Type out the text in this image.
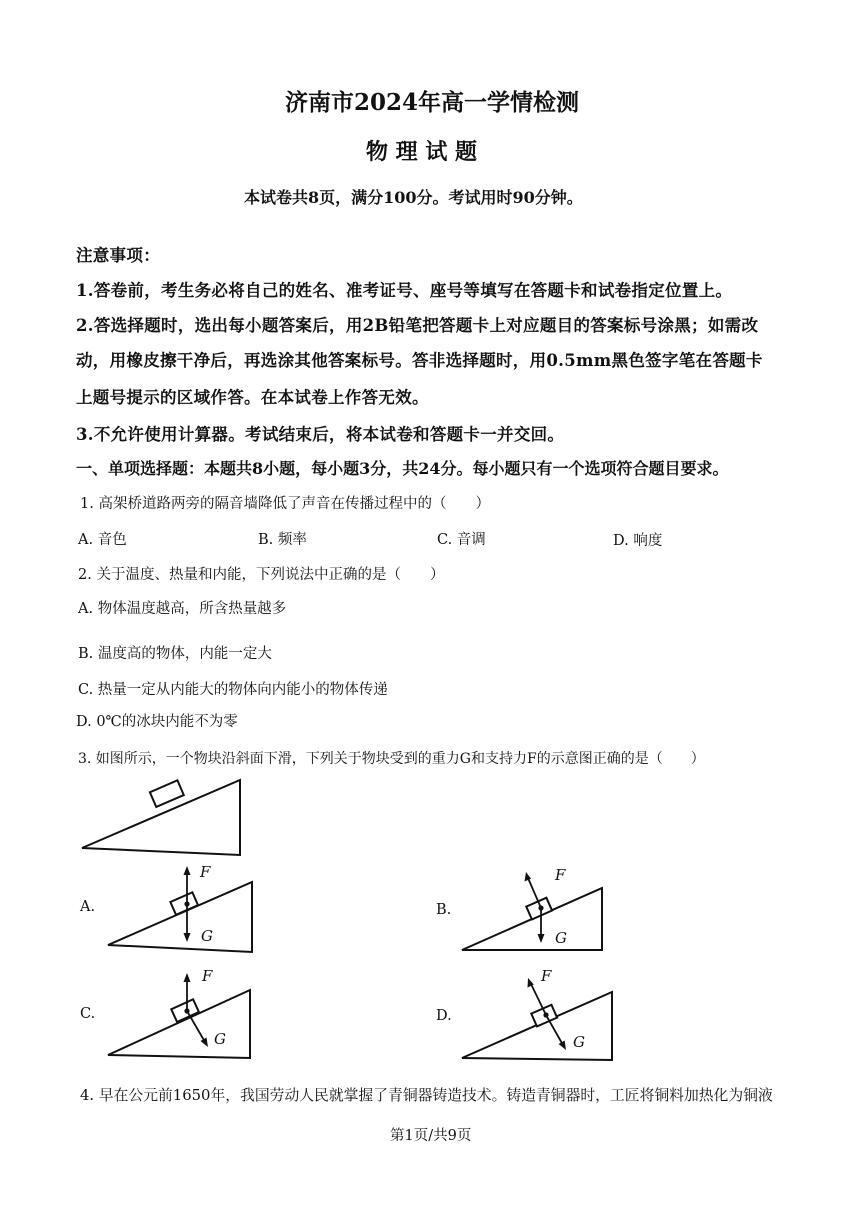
济南市2024年高一学情检测
物 理 试 题
本试卷共8页，满分100分。考试用时90分钟。
注意事项：
1.答卷前，考生务必将自己的姓名、准考证号、座号等填写在答题卡和试卷指定位置上。
2.答选择题时，选出每小题答案后，用2B铅笔把答题卡上对应题目的答案标号涂黑；如需改
动，用橡皮擦干净后，再选涂其他答案标号。答非选择题时，用0.5mm黑色签字笔在答题卡
上题号提示的区域作答。在本试卷上作答无效。
3.不允许使用计算器。考试结束后，将本试卷和答题卡一并交回。
一、单项选择题：本题共8小题，每小题3分，共24分。每小题只有一个选项符合题目要求。
1. 高架桥道路两旁的隔音墙降低了声音在传播过程中的（　　）
A. 音色	B. 频率	C. 音调	D. 响度
2. 关于温度、热量和内能，下列说法中正确的是（　　）
A. 物体温度越高，所含热量越多
B. 温度高的物体，内能一定大
C. 热量一定从内能大的物体向内能小的物体传递
D. 0℃的冰块内能不为零
3. 如图所示，一个物块沿斜面下滑，下列关于物块受到的重力G和支持力F的示意图正确的是（　　）
A.
F
G
B.
F
G
C.
F
G
D.
F
G
4. 早在公元前1650年，我国劳动人民就掌握了青铜器铸造技术。铸造青铜器时，工匠将铜料加热化为铜液
第1页/共9页
